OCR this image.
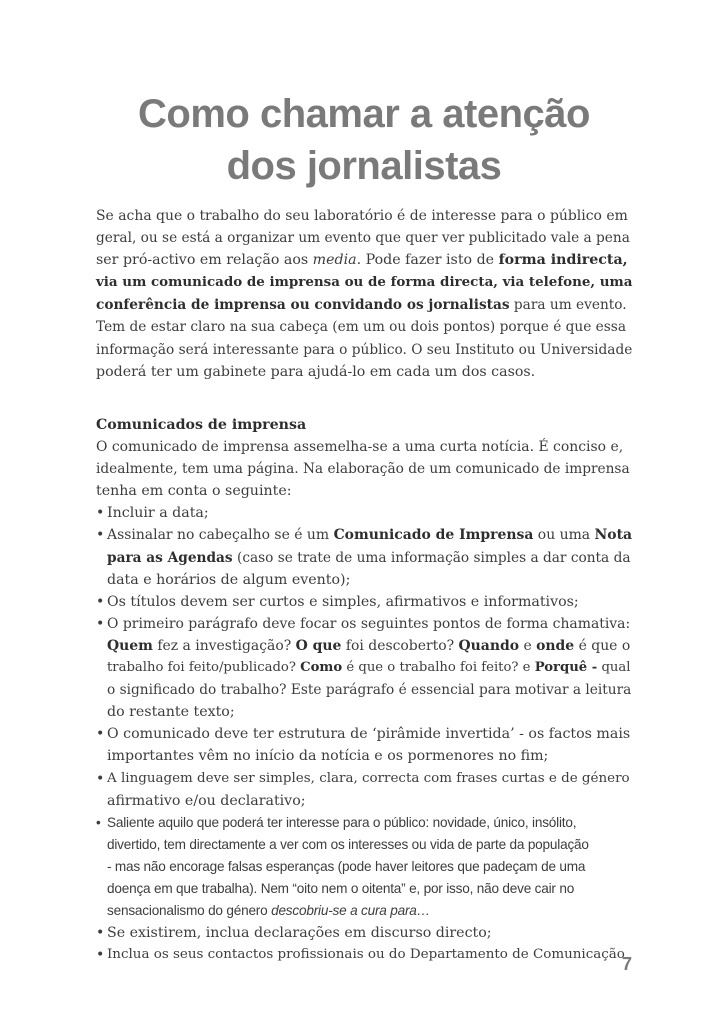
Como chamar a atenção
dos jornalistas

Se acha que o trabalho do seu laboratório é de interesse para o público em

geral, ou se está a organizar um evento que quer ver publicitado vale a pena

ser pró-activo em relação aos media. Pode fazer isto de forma indirecta,

via um comunicado de imprensa ou de forma directa, via telefone, uma

conferência de imprensa ou convidando os jornalistas para um evento.

Tem de estar claro na sua cabeça (em um ou dois pontos) porque é que essa

informação será interessante para o público. O seu Instituto ou Universidade

poderá ter um gabinete para ajudá-lo em cada um dos casos.

Comunicados de imprensa

O comunicado de imprensa assemelha-se a uma curta notícia. É conciso e,

idealmente, tem uma página. Na elaboração de um comunicado de imprensa

tenha em conta o seguinte:

• Incluir a data;

• Assinalar no cabeçalho se é um Comunicado de Imprensa ou uma Nota

para as Agendas (caso se trate de uma informação simples a dar conta da

data e horários de algum evento);

• Os títulos devem ser curtos e simples, afirmativos e informativos;

• O primeiro parágrafo deve focar os seguintes pontos de forma chamativa:

Quem fez a investigação? O que foi descoberto? Quando e onde é que o

trabalho foi feito/publicado? Como é que o trabalho foi feito? e Porquê - qual

o significado do trabalho? Este parágrafo é essencial para motivar a leitura

do restante texto;

• O comunicado deve ter estrutura de ‘pirâmide invertida’ - os factos mais

importantes vêm no início da notícia e os pormenores no fim;

• A linguagem deve ser simples, clara, correcta com frases curtas e de género

afirmativo e/ou declarativo;

• Saliente aquilo que poderá ter interesse para o público: novidade, único, insólito,

divertido, tem directamente a ver com os interesses ou vida de parte da população

- mas não encorage falsas esperanças (pode haver leitores que padeçam de uma

doença em que trabalha). Nem “oito nem o oitenta” e, por isso, não deve cair no

sensacionalismo do género descobriu-se a cura para…

• Se existirem, inclua declarações em discurso directo;

• Inclua os seus contactos profissionais ou do Departamento de Comunicação

7
